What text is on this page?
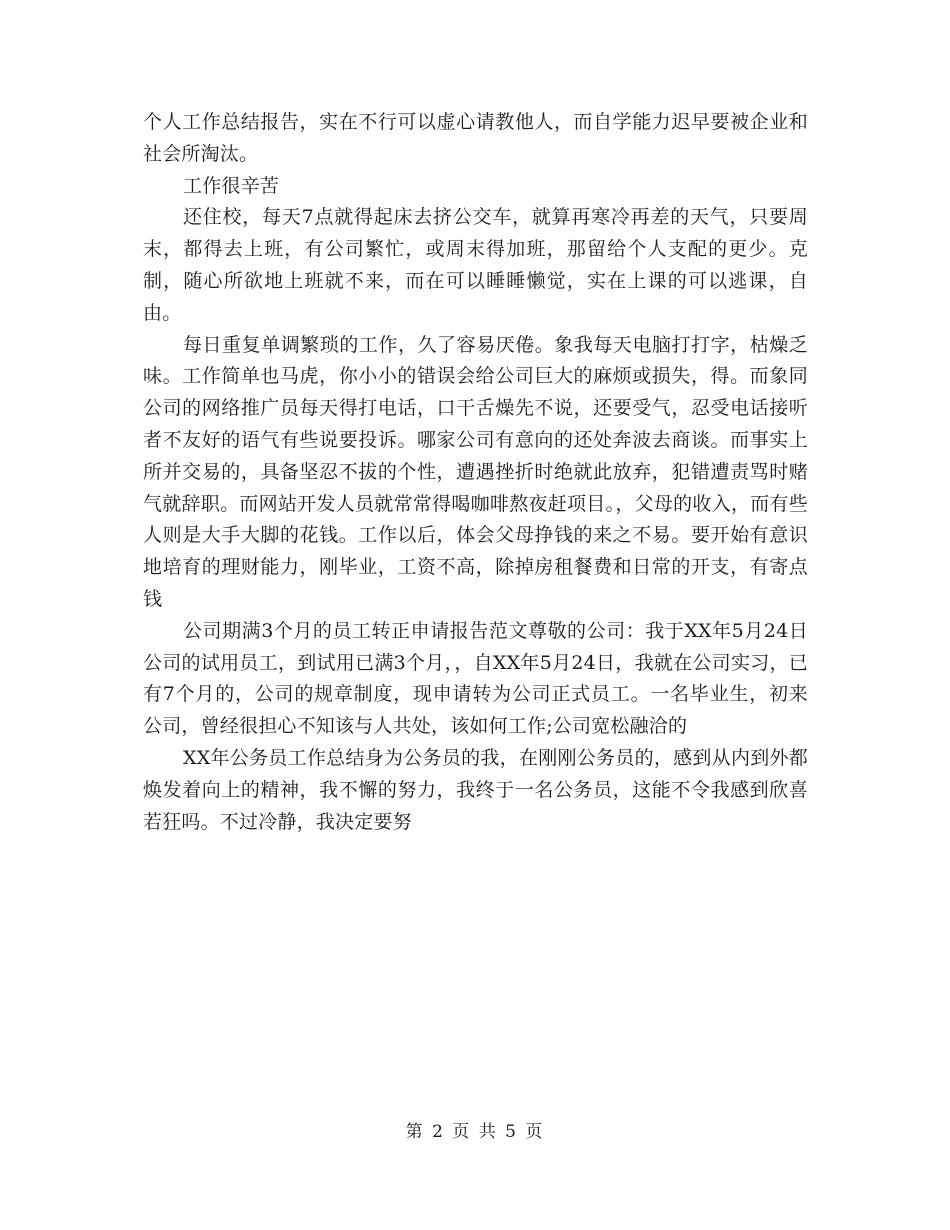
个人工作总结报告，实在不行可以虚心请教他人，而自学能力迟早要被企业和社会所淘汰。

工作很辛苦

还住校，每天7点就得起床去挤公交车，就算再寒冷再差的天气，只要周末，都得去上班，有公司繁忙，或周末得加班，那留给个人支配的更少。克制，随心所欲地上班就不来，而在可以睡睡懒觉，实在上课的可以逃课，自由。

每日重复单调繁琐的工作，久了容易厌倦。象我每天电脑打打字，枯燥乏味。工作简单也马虎，你小小的错误会给公司巨大的麻烦或损失，得。而象同公司的网络推广员每天得打电话，口干舌燥先不说，还要受气，忍受电话接听者不友好的语气有些说要投诉。哪家公司有意向的还处奔波去商谈。而事实上所并交易的，具备坚忍不拔的个性，遭遇挫折时绝就此放弃，犯错遭责骂时赌气就辞职。而网站开发人员就常常得喝咖啡熬夜赶项目。，父母的收入，而有些人则是大手大脚的花钱。工作以后，体会父母挣钱的来之不易。要开始有意识地培育的理财能力，刚毕业，工资不高，除掉房租餐费和日常的开支，有寄点钱

公司期满3个月的员工转正申请报告范文尊敬的公司：我于XX年5月24日公司的试用员工，到试用已满3个月，，自XX年5月24日，我就在公司实习，已有7个月的，公司的规章制度，现申请转为公司正式员工。一名毕业生，初来公司，曾经很担心不知该与人共处，该如何工作;公司宽松融洽的

XX年公务员工作总结身为公务员的我，在刚刚公务员的，感到从内到外都焕发着向上的精神，我不懈的努力，我终于一名公务员，这能不令我感到欣喜若狂吗。不过冷静，我决定要努

第 2 页 共 5 页
